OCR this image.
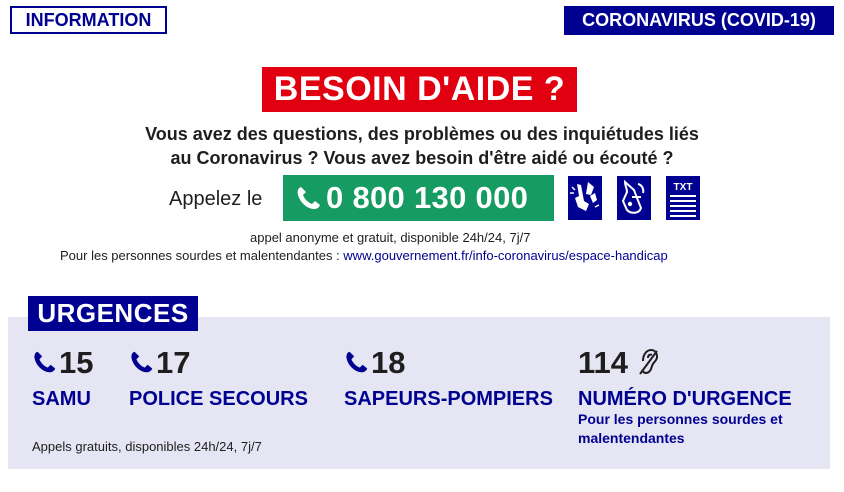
INFORMATION	CORONAVIRUS (COVID-19)
BESOIN D'AIDE ?
Vous avez des questions, des problèmes ou des inquiétudes liés
au Coronavirus ? Vous avez besoin d'être aidé ou écouté ?
Appelez le 0 800 130 000	TXT
appel anonyme et gratuit, disponible 24h/24, 7j/7
Pour les personnes sourdes et malentendantes : www.gouvernement.fr/info-coronavirus/espace-handicap
URGENCES
15
SAMU
17
POLICE SECOURS
18
SAPEURS-POMPIERS
114
NUMÉRO D'URGENCE
Pour les personnes sourdes et
malentendantes
Appels gratuits, disponibles 24h/24, 7j/7
